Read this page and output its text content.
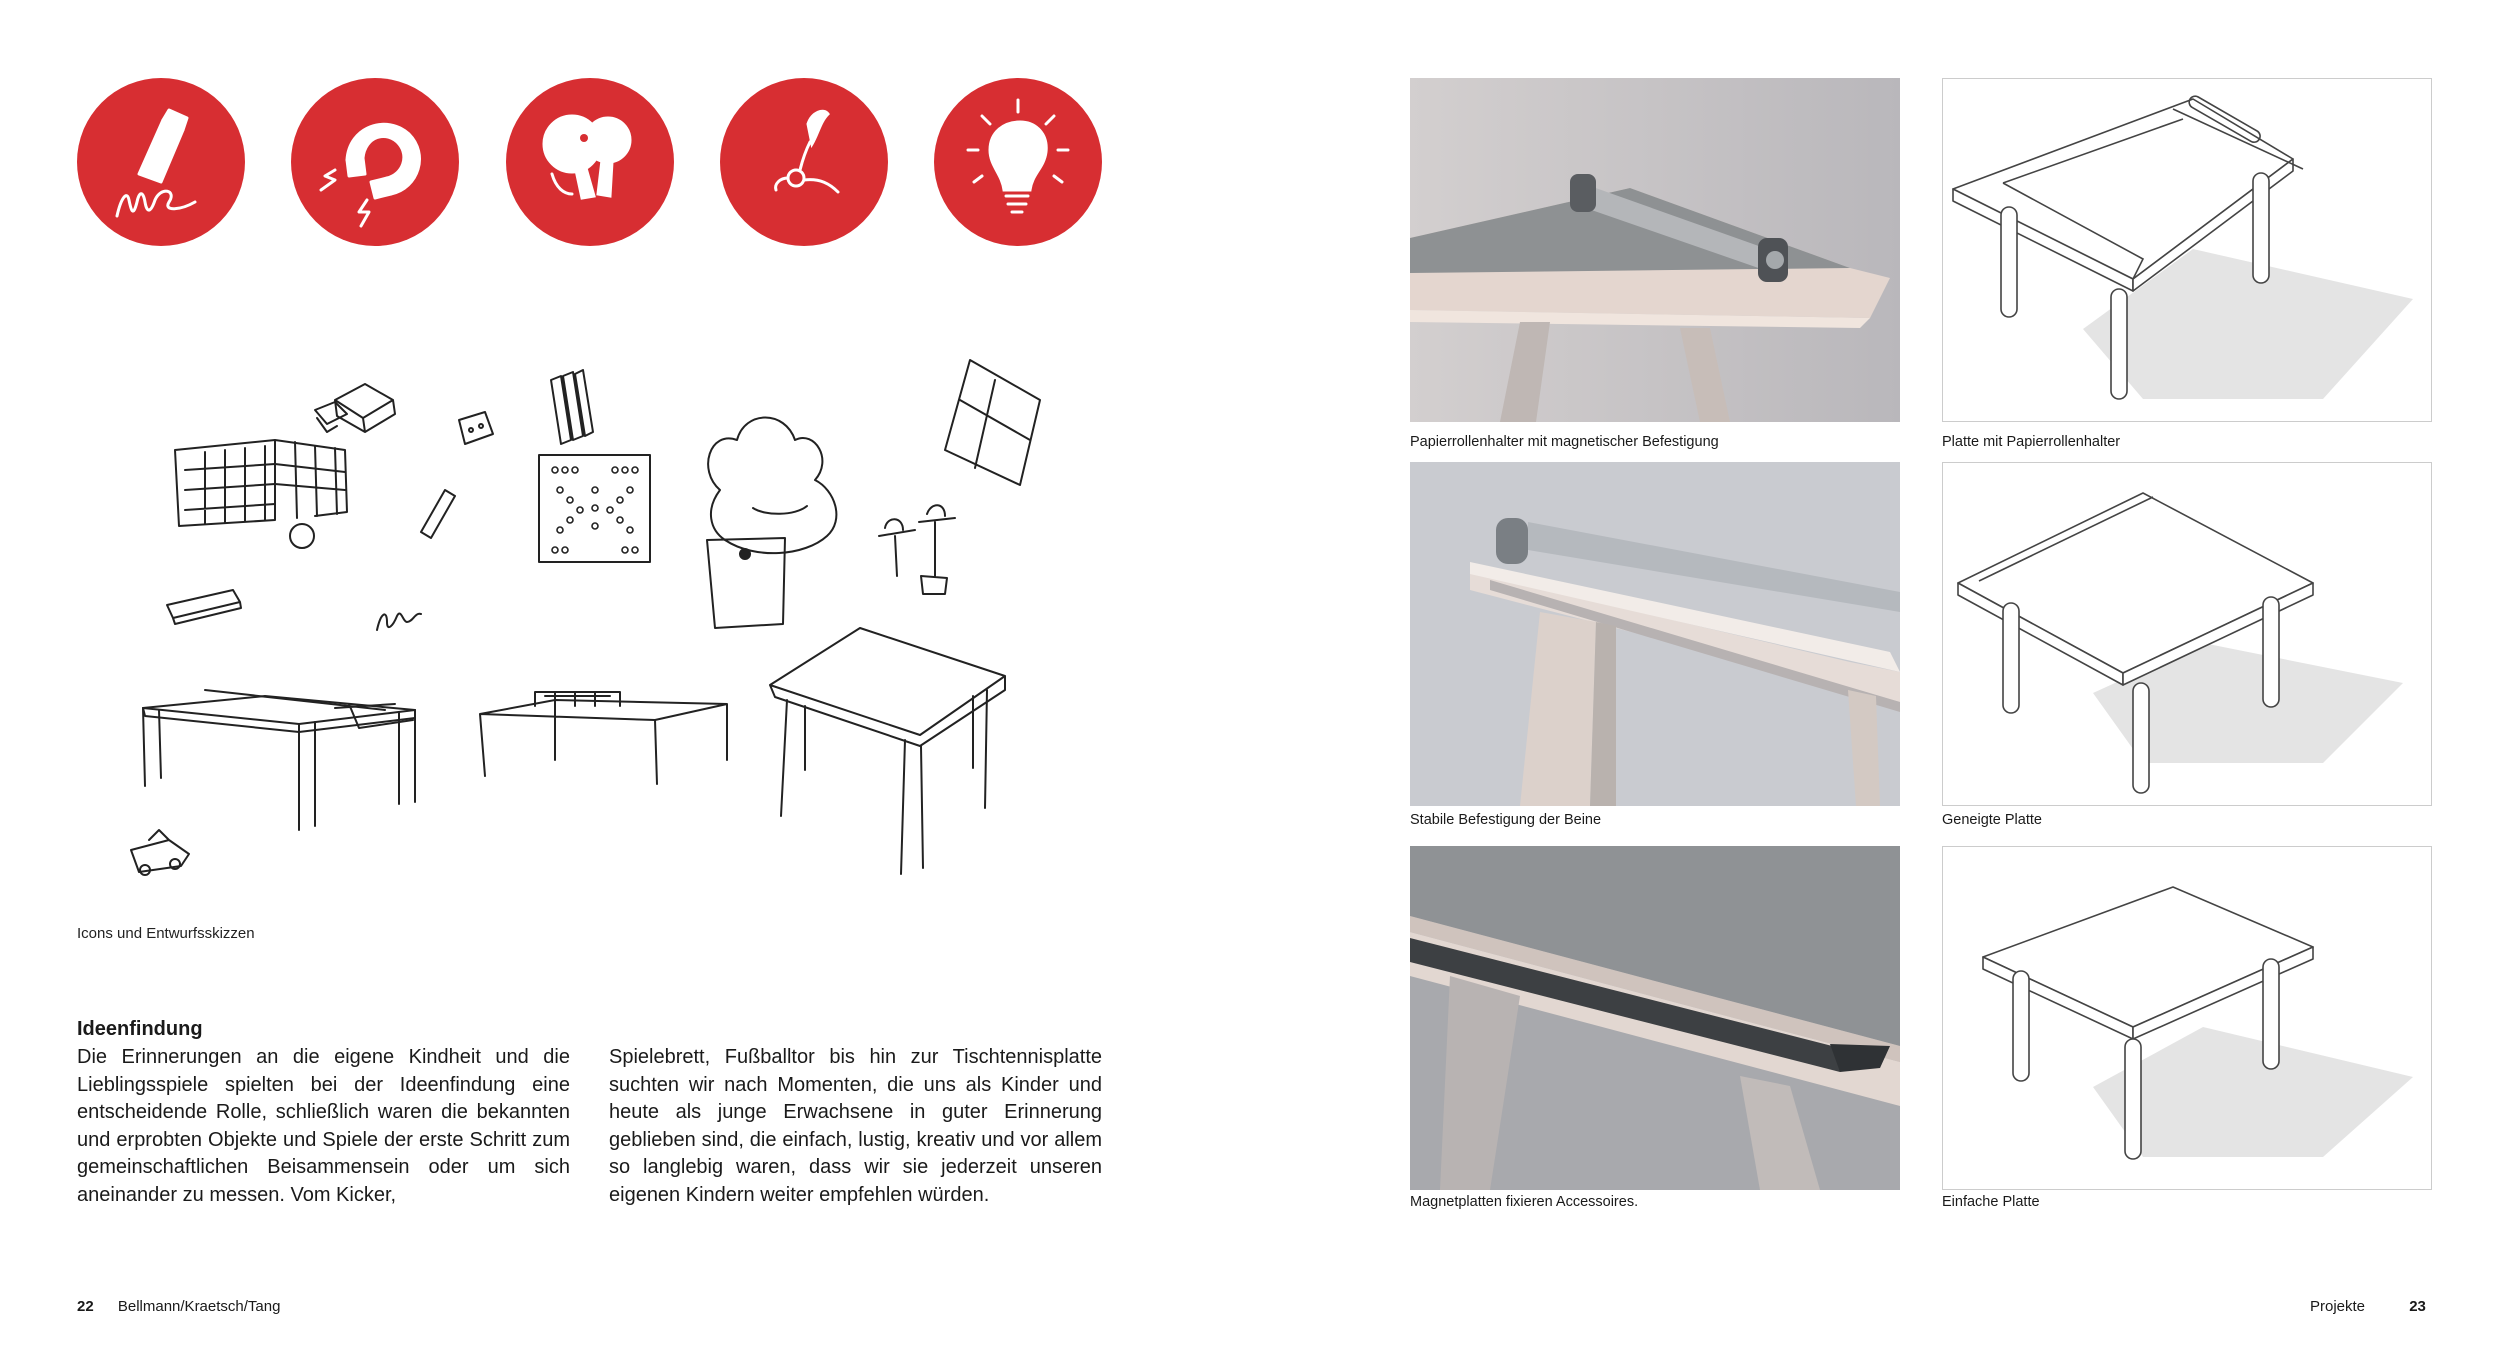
Icons und Entwurfsskizzen
Ideenfindung
Die Erinnerungen an die eigene Kindheit und die Lieblingsspiele spielten bei der Ideenfindung eine entscheidende Rolle, schließlich waren die bekannten und erprobten Objekte und Spiele der erste Schritt zum gemeinschaftlichen Beisammensein oder um sich aneinander zu messen. Vom Kicker,
Spielebrett, Fußballtor bis hin zur Tischtennisplatte suchten wir nach Momenten, die uns als Kinder und heute als junge Erwachsene in guter Erinnerung geblieben sind, die einfach, lustig, kreativ und vor allem so langlebig waren, dass wir sie jederzeit unseren eigenen Kindern weiter empfehlen würden.
22 Bellmann/Kraetsch/Tang
Papierrollenhalter mit magnetischer Befestigung	Platte mit Papierrollenhalter
Stabile Befestigung der Beine	Geneigte Platte
Magnetplatten fixieren Accessoires.	Einfache Platte
Projekte	23
